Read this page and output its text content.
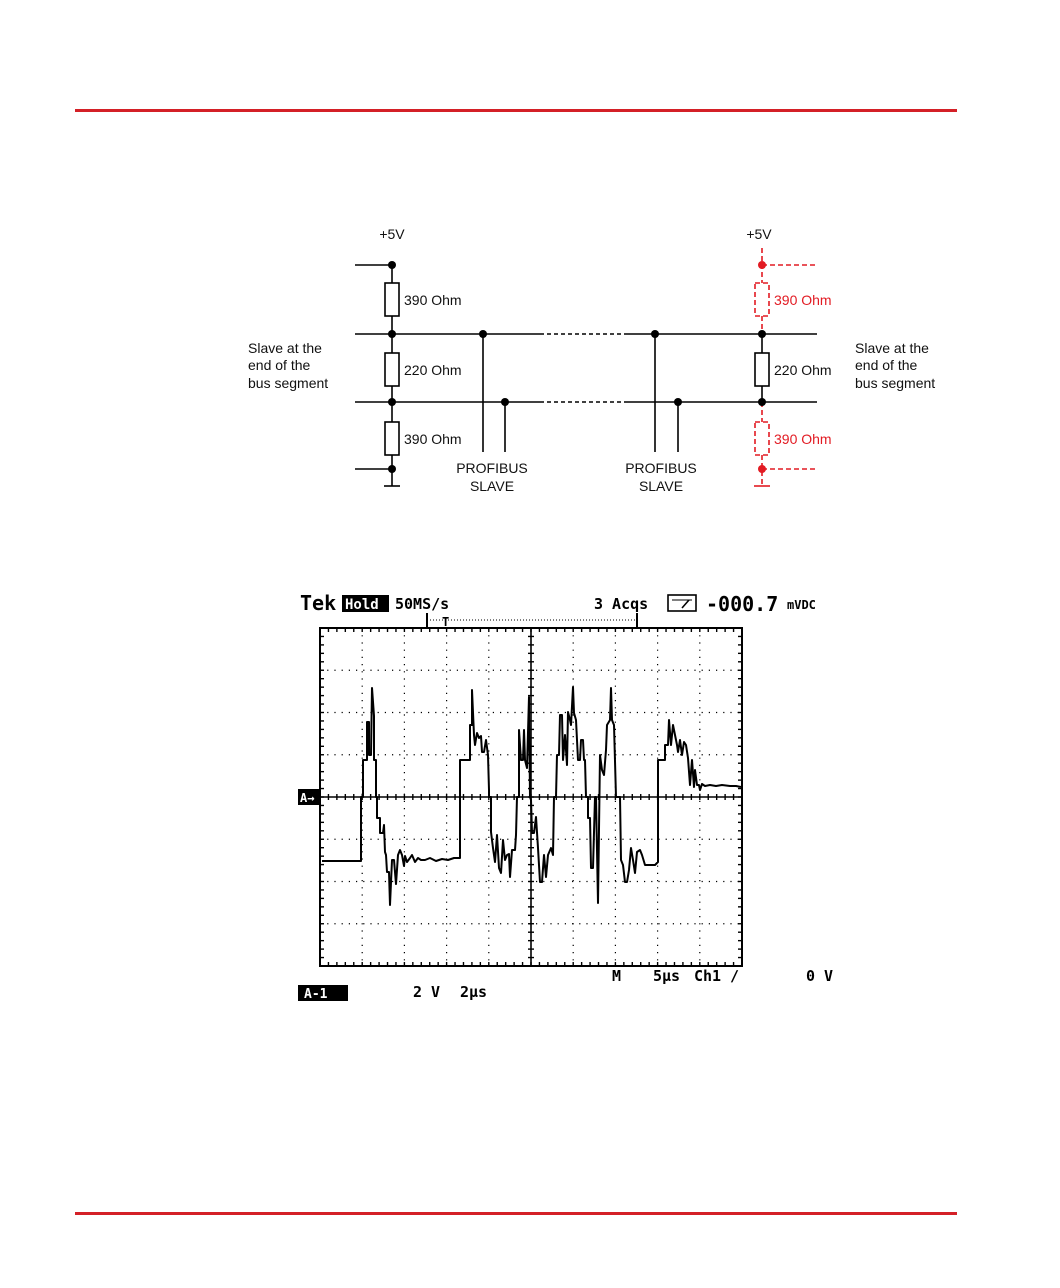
+5V	+5V
390 Ohm
220 Ohm
390 Ohm
390 Ohm
220 Ohm
390 Ohm
Slave at the
end of the
bus segment
Slave at the
end of the
bus segment
PROFIBUS
SLAVE
PROFIBUS
SLAVE
Tek Hold 50MS/s	3 Acqs	-000.7 mVDC
T
A→
M 5µs Ch1 ∕	0 V
A-1	2 V 2µs
